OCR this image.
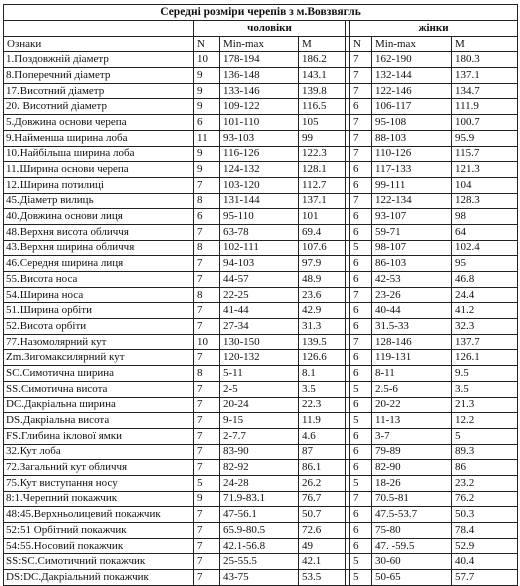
Середні розміри черепів з м.Вовзвягль							
	чоловіки				жінки		
Ознаки	N	Min-max	M		N	Min-max	M
1.Поздовжній діаметр	10	178-194	186.2		7	162-190	180.3
8.Поперечний діаметр	9	136-148	143.1		7	132-144	137.1
17.Висотний діаметр	9	133-146	139.8		7	122-146	134.7
20. Висотний діаметр	9	109-122	116.5		6	106-117	111.9
5.Довжина основи черепа	6	101-110	105		7	95-108	100.7
9.Найменша ширина лоба	11	93-103	99		7	88-103	95.9
10.Найбільша ширина лоба	9	116-126	122.3		7	110-126	115.7
11.Ширина основи черепа	9	124-132	128.1		6	117-133	121.3
12.Ширина потилиці	7	103-120	112.7		6	99-111	104
45.Діаметр вилиць	8	131-144	137.1		7	122-134	128.3
40.Довжина основи лиця	6	95-110	101		6	93-107	98
48.Верхня висота обличчя	7	63-78	69.4		6	59-71	64
43.Верхня ширина обличчя	8	102-111	107.6		5	98-107	102.4
46.Середня ширина лиця	7	94-103	97.9		6	86-103	95
55.Висота носа	7	44-57	48.9		6	42-53	46.8
54.Ширина носа	8	22-25	23.6		7	23-26	24.4
51.Ширина орбіти	7	41-44	42.9		6	40-44	41.2
52.Висота орбіти	7	27-34	31.3		6	31.5-33	32.3
77.Назомолярний кут	10	130-150	139.5		7	128-146	137.7
Zm.Зигомаксилярний кут	7	120-132	126.6		6	119-131	126.1
SC.Симотична ширина	8	5-11	8.1		6	8-11	9.5
SS.Симотична висота	7	2-5	3.5		5	2.5-6	3.5
DC.Дакріальна ширина	7	20-24	22.3		6	20-22	21.3
DS.Дакріальна висота	7	9-15	11.9		5	11-13	12.2
FS.Глибина іклової ямки	7	2-7.7	4.6		6	3-7	5
32.Кут лоба	7	83-90	87		6	79-89	89.3
72.Загальний кут обличчя	7	82-92	86.1		6	82-90	86
75.Кут виступання носу	5	24-28	26.2		5	18-26	23.2
8:1.Черепний покажчик	9	71.9-83.1	76.7		7	70.5-81	76.2
48:45.Верхньолицевий покажчик	7	47-56.1	50.7		6	47.5-53.7	50.3
52:51 Орбітний покажчик	7	65.9-80.5	72.6		6	75-80	78.4
54:55.Носовий покажчик	7	42.1-56.8	49		6	47. -59.5	52.9
SS:SC.Симотичний покажчик	7	25-55.5	42.1		5	30-60	40.4
DS:DC.Дакріальний покажчик	7	43-75	53.5		5	50-65	57.7
